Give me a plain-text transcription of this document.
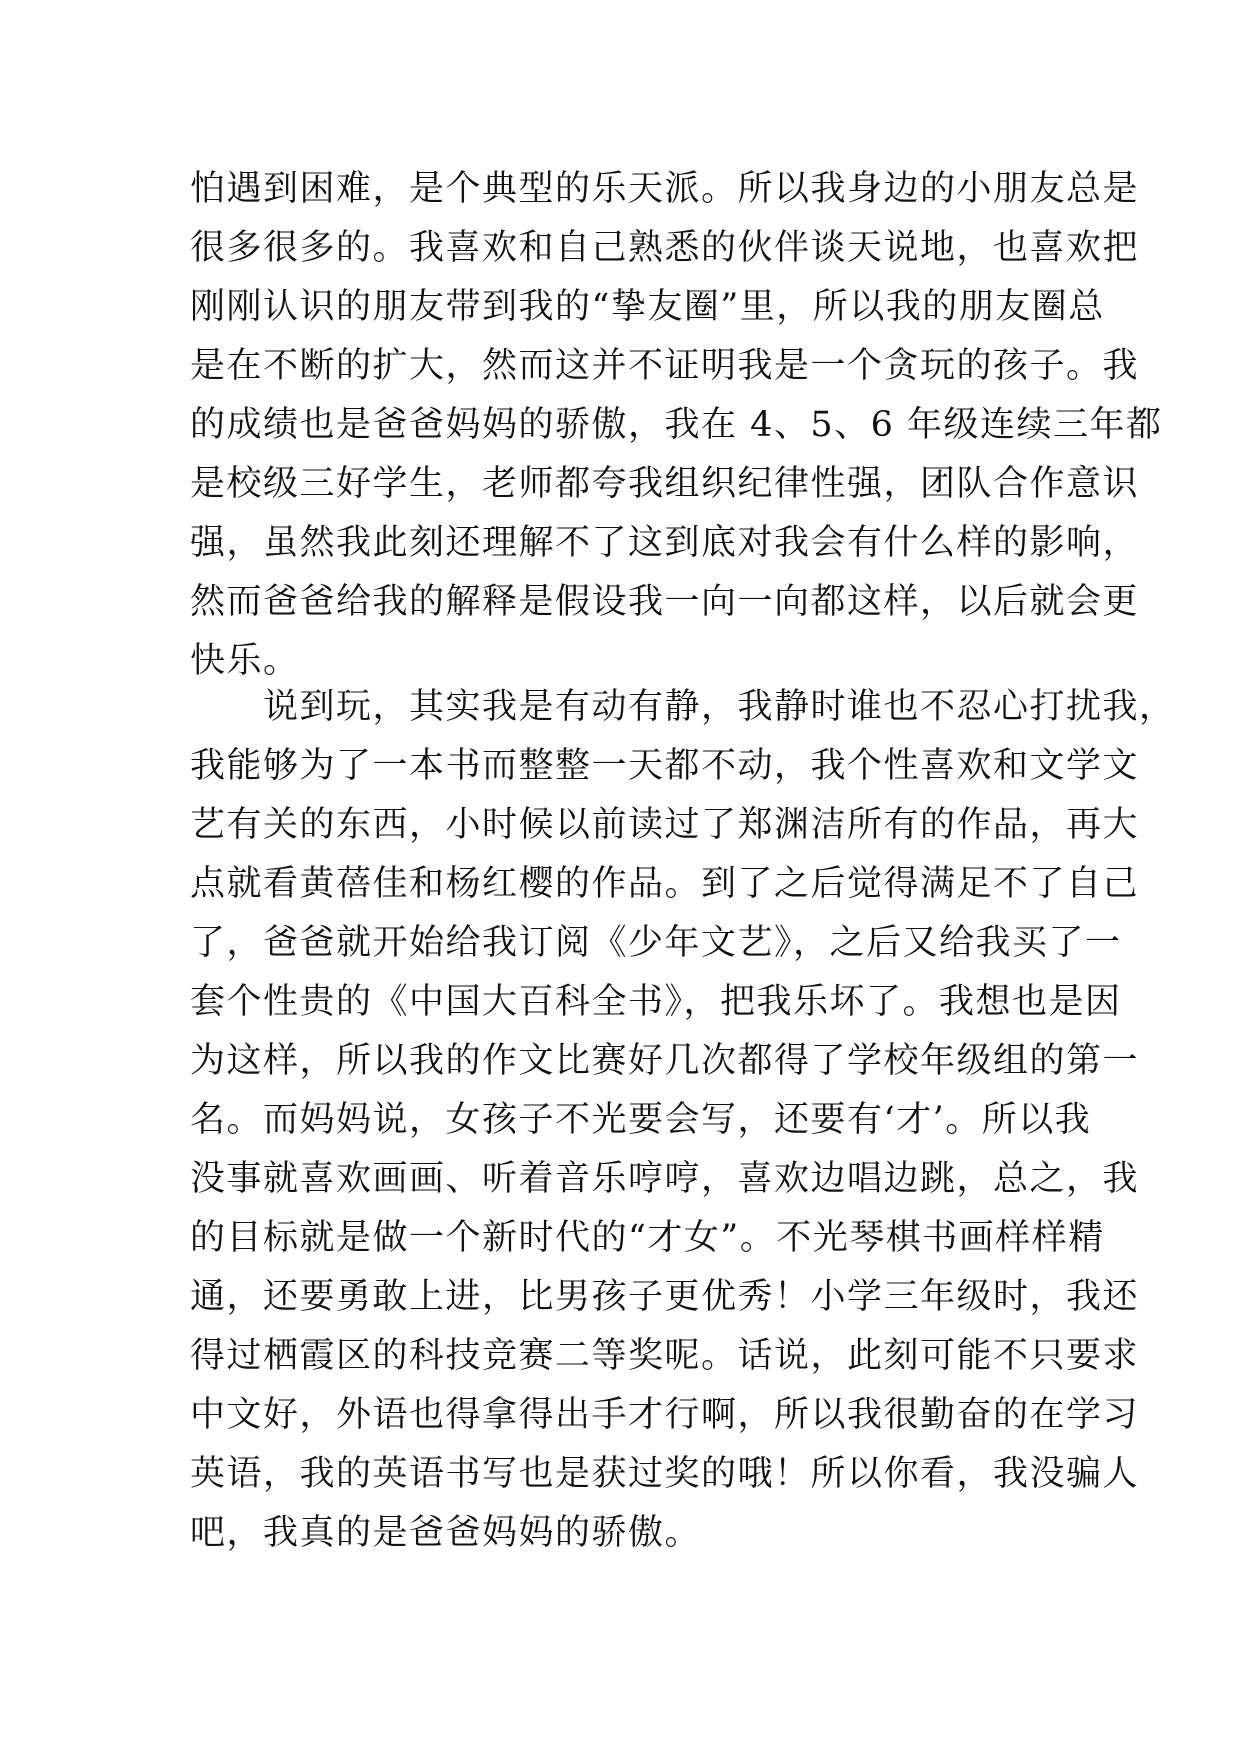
怕遇到困难，是个典型的乐天派。所以我身边的小朋友总是
很多很多的。我喜欢和自己熟悉的伙伴谈天说地，也喜欢把
刚刚认识的朋友带到我的“挚友圈”里，所以我的朋友圈总
是在不断的扩大，然而这并不证明我是一个贪玩的孩子。我
的成绩也是爸爸妈妈的骄傲，我在 4、5、6 年级连续三年都
是校级三好学生，老师都夸我组织纪律性强，团队合作意识
强，虽然我此刻还理解不了这到底对我会有什么样的影响，
然而爸爸给我的解释是假设我一向一向都这样，以后就会更
快乐。
　　说到玩，其实我是有动有静，我静时谁也不忍心打扰我，
我能够为了一本书而整整一天都不动，我个性喜欢和文学文
艺有关的东西，小时候以前读过了郑渊洁所有的作品，再大
点就看黄蓓佳和杨红樱的作品。到了之后觉得满足不了自己
了，爸爸就开始给我订阅《少年文艺》，之后又给我买了一
套个性贵的《中国大百科全书》，把我乐坏了。我想也是因
为这样，所以我的作文比赛好几次都得了学校年级组的第一
名。而妈妈说，女孩子不光要会写，还要有‘才’。所以我
没事就喜欢画画、听着音乐哼哼，喜欢边唱边跳，总之，我
的目标就是做一个新时代的“才女”。不光琴棋书画样样精
通，还要勇敢上进，比男孩子更优秀！小学三年级时，我还
得过栖霞区的科技竞赛二等奖呢。话说，此刻可能不只要求
中文好，外语也得拿得出手才行啊，所以我很勤奋的在学习
英语，我的英语书写也是获过奖的哦！所以你看，我没骗人
吧，我真的是爸爸妈妈的骄傲。
